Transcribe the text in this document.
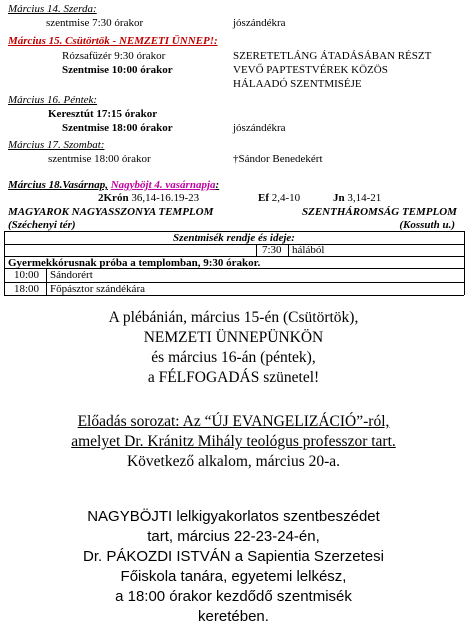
Március 14. Szerda:
szentmise 7:30 órakor	jószándékra
Március 15. Csütörtök - NEMZETI ÜNNEP!:
Rózsafüzér 9:30 órakor	SZERETETLÁNG ÁTADÁSÁBAN RÉSZT
Szentmise 10:00 órakor	VEVŐ PAPTESTVÉREK KÖZÖS
HÁLAADÓ SZENTMISÉJE
Március 16. Péntek:
Keresztút 17:15 órakor
Szentmise 18:00 órakor	jószándékra
Március 17. Szombat:
szentmise 18:00 órakor	†Sándor Benedekért
Március 18.Vasárnap, Nagyböjt 4. vasárnapja:
2Krón 36,14-16.19-23	Ef 2,4-10	Jn 3,14-21
MAGYAROK NAGYASSZONYA TEMPLOM
(Széchenyi tér)
SZENTHÁROMSÁG TEMPLOM
(Kossuth u.)
Szentmisék rendje és ideje:
7:30 hálából
Gyermekkórusnak próba a templomban, 9:30 órakor.
10:00 Sándorért
18:00 Főpásztor szándékára
A plébánián, március 15-én (Csütörtök),
NEMZETI ÜNNEPÜNKÖN
és március 16-án (péntek),
a FÉLFOGADÁS szünetel!
Előadás sorozat: Az “ÚJ EVANGELIZÁCIÓ”-ról,
amelyet Dr. Kránitz Mihály teológus professzor tart.
Következő alkalom, március 20-a.
NAGYBÖJTI lelkigyakorlatos szentbeszédet
tart, március 22-23-24-én,
Dr. PÁKOZDI ISTVÁN a Sapientia Szerzetesi
Főiskola tanára, egyetemi lelkész,
a 18:00 órakor kezdődő szentmisék
keretében.
